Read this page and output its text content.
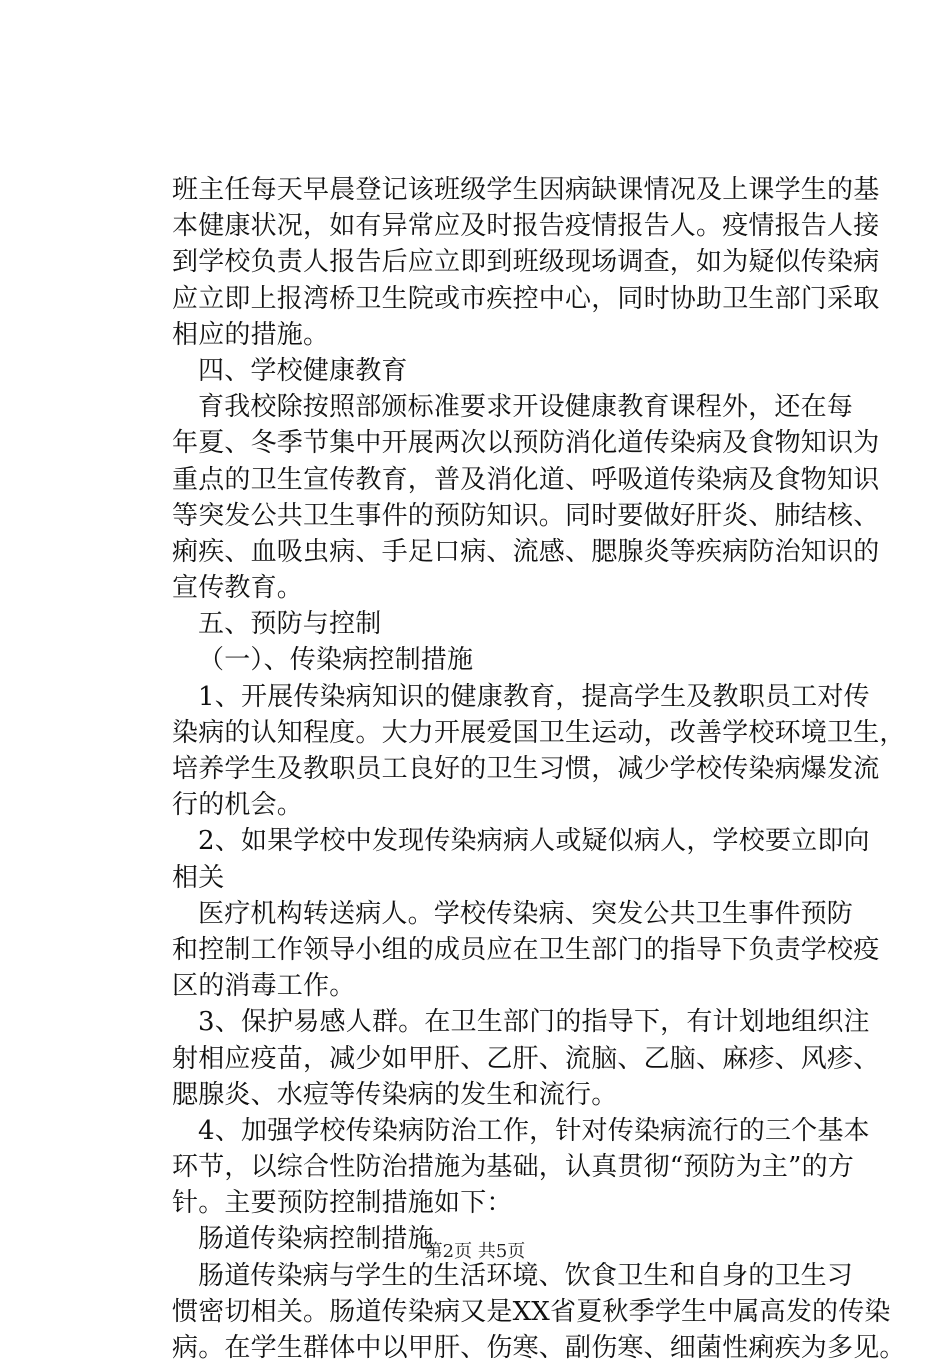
班主任每天早晨登记该班级学生因病缺课情况及上课学生的基
本健康状况，如有异常应及时报告疫情报告人。疫情报告人接
到学校负责人报告后应立即到班级现场调查，如为疑似传染病
应立即上报湾桥卫生院或市疾控中心，同时协助卫生部门采取
相应的措施。
四、学校健康教育
育我校除按照部颁标准要求开设健康教育课程外，还在每
年夏、冬季节集中开展两次以预防消化道传染病及食物知识为
重点的卫生宣传教育，普及消化道、呼吸道传染病及食物知识
等突发公共卫生事件的预防知识。同时要做好肝炎、肺结核、
痢疾、血吸虫病、手足口病、流感、腮腺炎等疾病防治知识的
宣传教育。
五、预防与控制
（一）、传染病控制措施
1、开展传染病知识的健康教育，提高学生及教职员工对传
染病的认知程度。大力开展爱国卫生运动，改善学校环境卫生，
培养学生及教职员工良好的卫生习惯，减少学校传染病爆发流
行的机会。
2、如果学校中发现传染病病人或疑似病人，学校要立即向
相关
医疗机构转送病人。学校传染病、突发公共卫生事件预防
和控制工作领导小组的成员应在卫生部门的指导下负责学校疫
区的消毒工作。
3、保护易感人群。在卫生部门的指导下，有计划地组织注
射相应疫苗，减少如甲肝、乙肝、流脑、乙脑、麻疹、风疹、
腮腺炎、水痘等传染病的发生和流行。
4、加强学校传染病防治工作，针对传染病流行的三个基本
环节，以综合性防治措施为基础，认真贯彻“预防为主”的方
针。主要预防控制措施如下：
肠道传染病控制措施
肠道传染病与学生的生活环境、饮食卫生和自身的卫生习
惯密切相关。肠道传染病又是XX省夏秋季学生中属高发的传染
病。在学生群体中以甲肝、伤寒、副伤寒、细菌性痢疾为多见。
第2页 共5页
